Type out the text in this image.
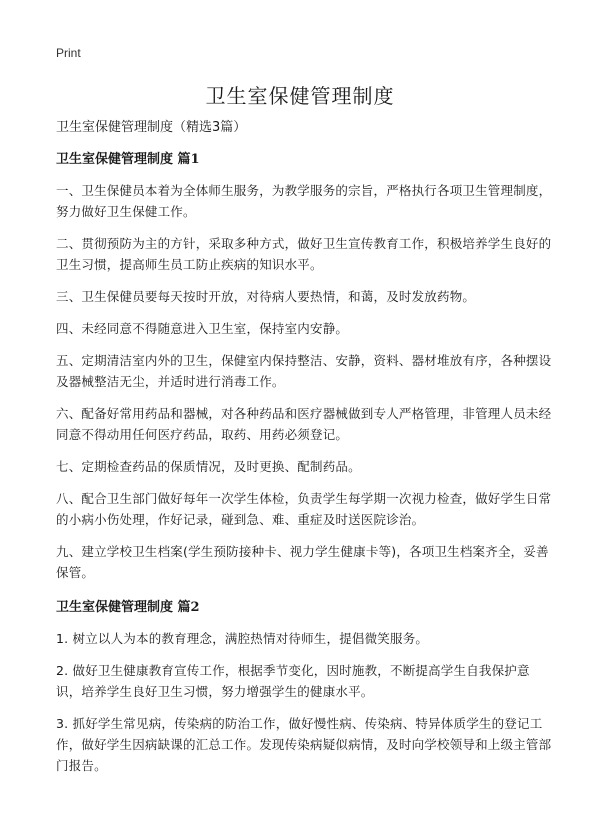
Print
卫生室保健管理制度

卫生室保健管理制度（精选3篇）

卫生室保健管理制度 篇1

一、卫生保健员本着为全体师生服务，为教学服务的宗旨，严格执行各项卫生管理制度，努力做好卫生保健工作。

二、贯彻预防为主的方针，采取多种方式，做好卫生宣传教育工作，积极培养学生良好的卫生习惯，提高师生员工防止疾病的知识水平。

三、卫生保健员要每天按时开放，对待病人要热情，和蔼，及时发放药物。

四、未经同意不得随意进入卫生室，保持室内安静。

五、定期清洁室内外的卫生，保健室内保持整洁、安静，资料、器材堆放有序，各种摆设及器械整洁无尘，并适时进行消毒工作。

六、配备好常用药品和器械，对各种药品和医疗器械做到专人严格管理，非管理人员未经同意不得动用任何医疗药品，取药、用药必须登记。

七、定期检查药品的保质情况，及时更换、配制药品。

八、配合卫生部门做好每年一次学生体检，负责学生每学期一次视力检查，做好学生日常的小病小伤处理，作好记录，碰到急、难、重症及时送医院诊治。

九、建立学校卫生档案(学生预防接种卡、视力学生健康卡等)，各项卫生档案齐全，妥善保管。

卫生室保健管理制度 篇2

1. 树立以人为本的教育理念，满腔热情对待师生，提倡微笑服务。

2. 做好卫生健康教育宣传工作，根据季节变化，因时施教，不断提高学生自我保护意识，培养学生良好卫生习惯，努力增强学生的健康水平。

3. 抓好学生常见病，传染病的防治工作，做好慢性病、传染病、特异体质学生的登记工作，做好学生因病缺课的汇总工作。发现传染病疑似病情，及时向学校领导和上级主管部门报告。
